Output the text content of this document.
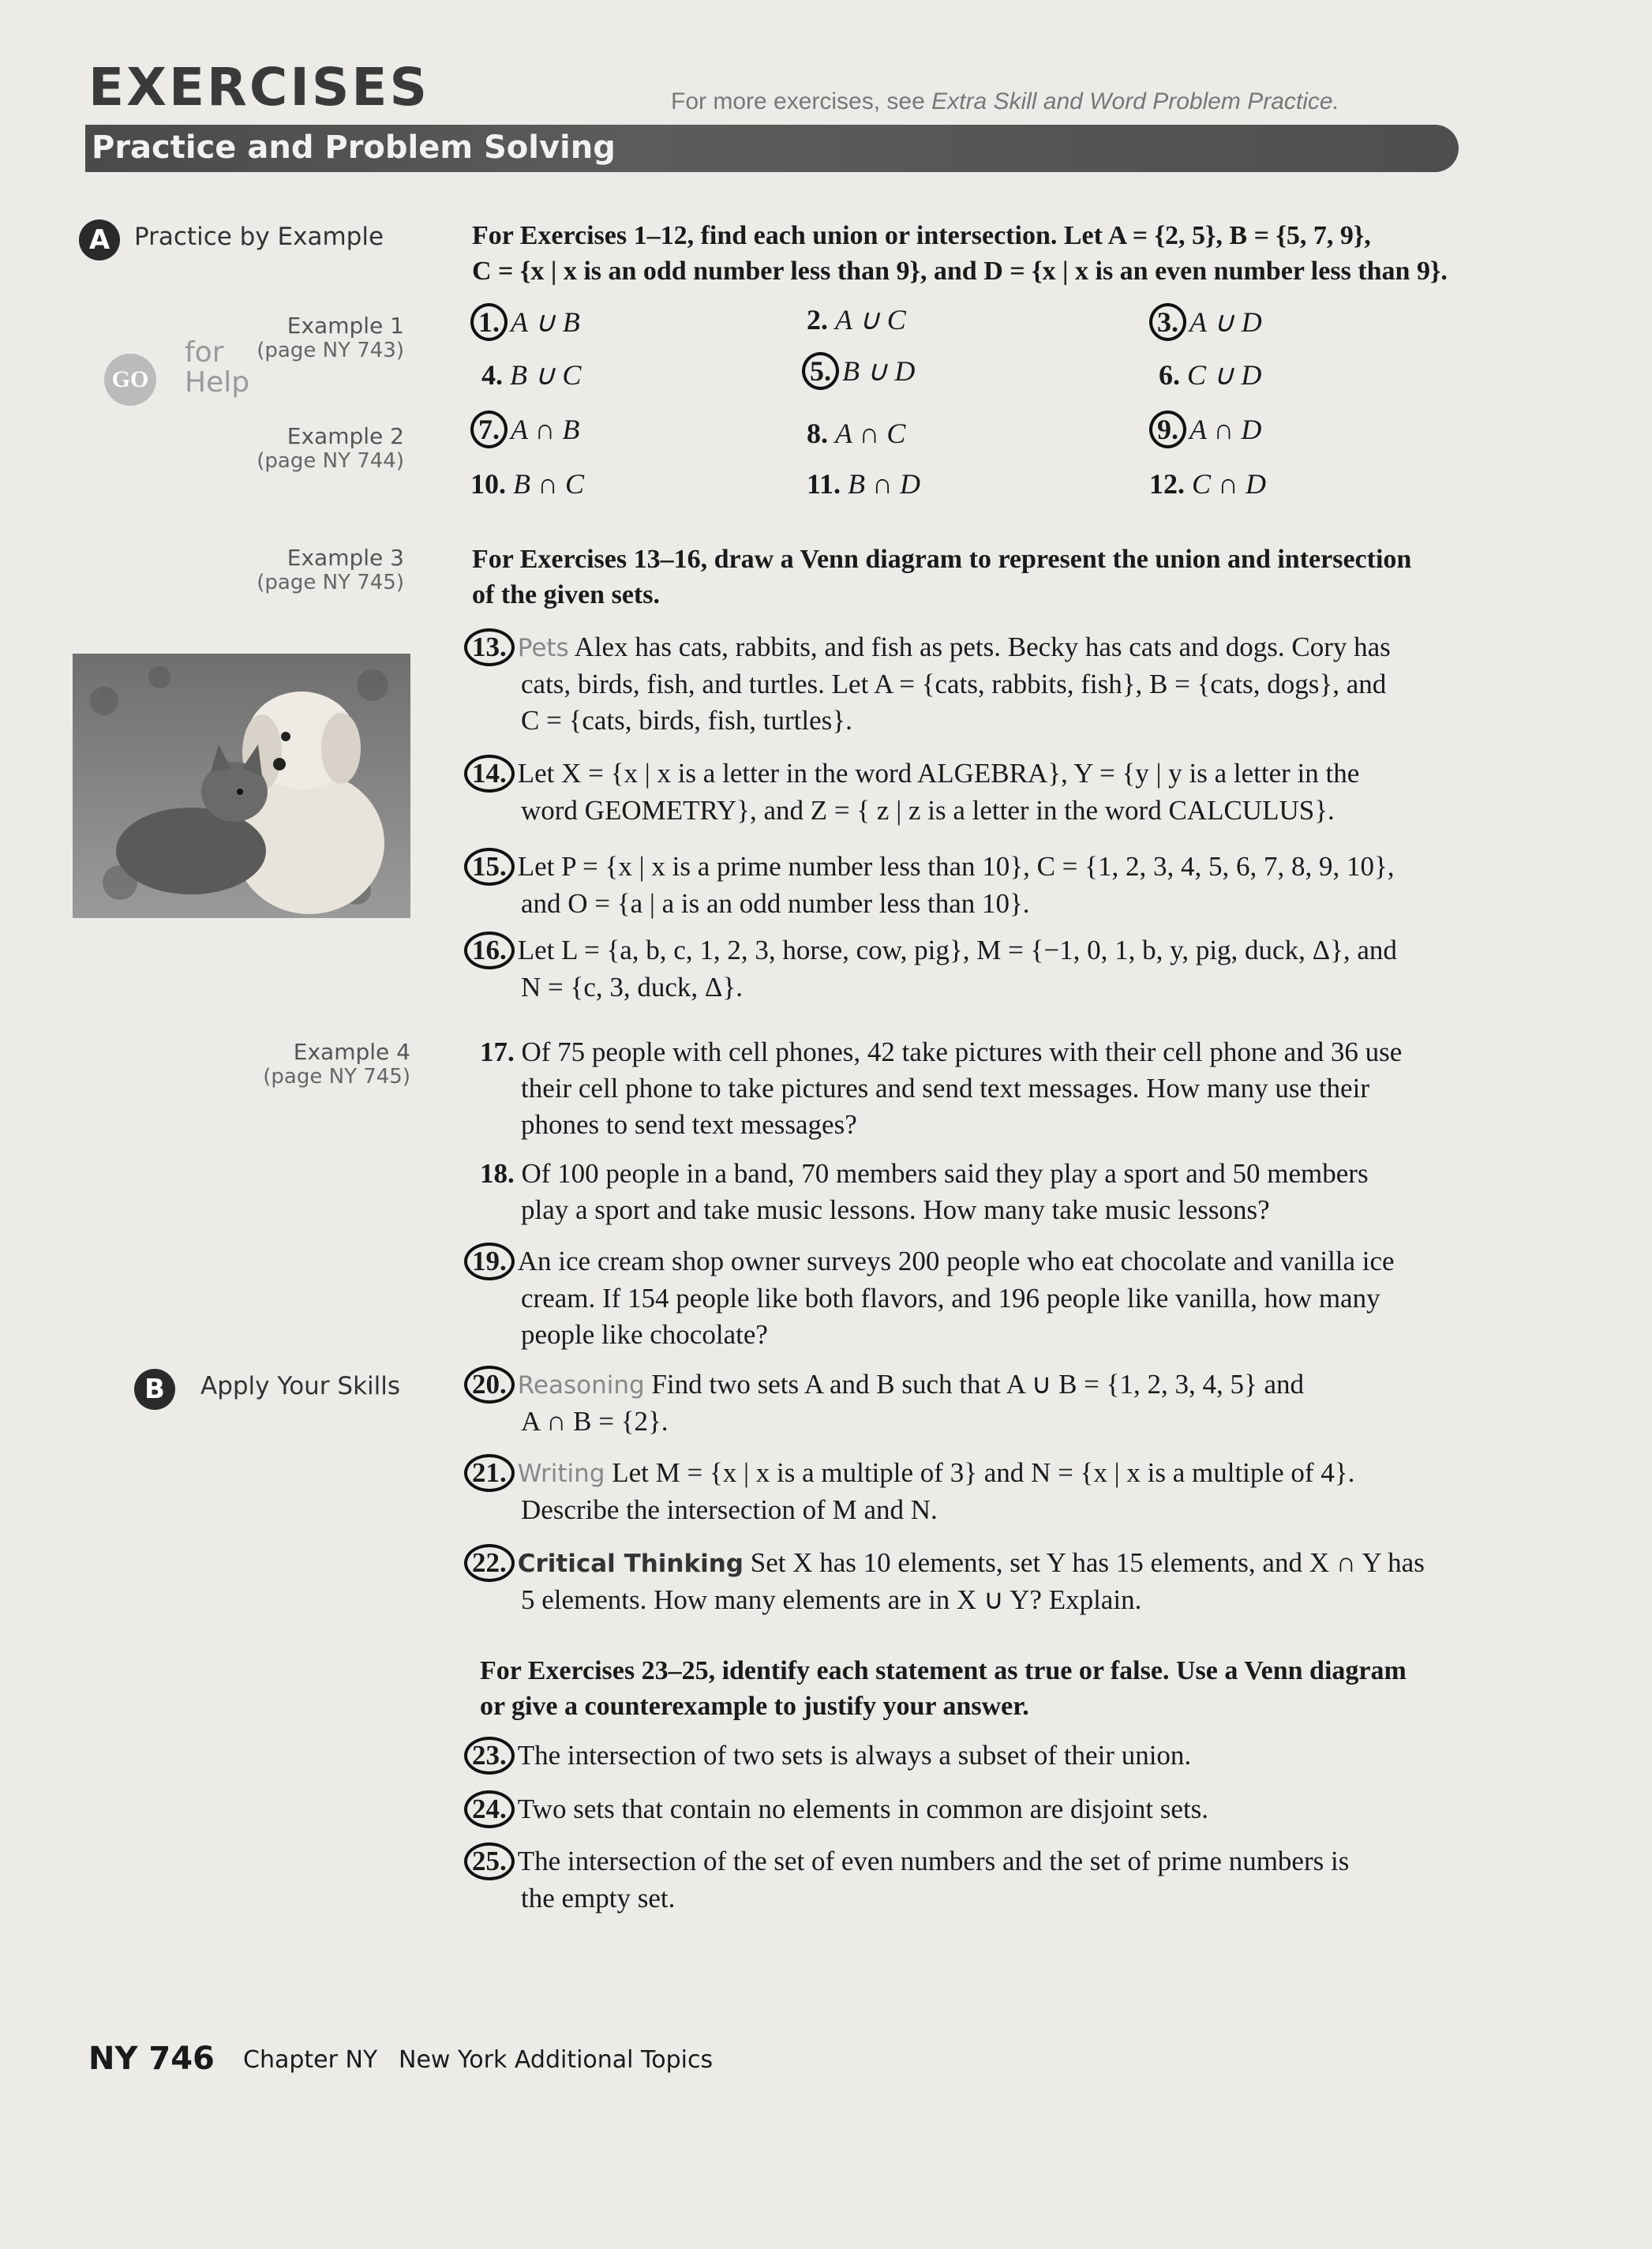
EXERCISES	For more exercises, see Extra Skill and Word Problem Practice.
Practice and Problem Solving
A Practice by Example
Example 1
(page NY 743)
GO
for
Help
Example 2
(page NY 744)
Example 3
(page NY 745)
Example 4
(page NY 745)
B	Apply Your Skills
For Exercises 1–12, find each union or intersection. Let A = {2, 5}, B = {5, 7, 9},
C = {x | x is an odd number less than 9}, and D = {x | x is an even number less than 9}.
1. A ∪ B	2. A ∪ C	3. A ∪ D
4. B ∪ C	5. B ∪ D	6. C ∪ D
7. A ∩ B	8. A ∩ C	9. A ∩ D
10. B ∩ C	11. B ∩ D	12. C ∩ D
For Exercises 13–16, draw a Venn diagram to represent the union and intersection
of the given sets.
13. Pets Alex has cats, rabbits, and fish as pets. Becky has cats and dogs. Cory has
cats, birds, fish, and turtles. Let A = {cats, rabbits, fish}, B = {cats, dogs}, and
C = {cats, birds, fish, turtles}.
14. Let X = {x | x is a letter in the word ALGEBRA}, Y = {y | y is a letter in the
word GEOMETRY}, and Z = { z | z is a letter in the word CALCULUS}.
15. Let P = {x | x is a prime number less than 10}, C = {1, 2, 3, 4, 5, 6, 7, 8, 9, 10},
and O = {a | a is an odd number less than 10}.
16. Let L = {a, b, c, 1, 2, 3, horse, cow, pig}, M = {−1, 0, 1, b, y, pig, duck, Δ}, and
N = {c, 3, duck, Δ}.
17. Of 75 people with cell phones, 42 take pictures with their cell phone and 36 use
their cell phone to take pictures and send text messages. How many use their
phones to send text messages?
18. Of 100 people in a band, 70 members said they play a sport and 50 members
play a sport and take music lessons. How many take music lessons?
19. An ice cream shop owner surveys 200 people who eat chocolate and vanilla ice
cream. If 154 people like both flavors, and 196 people like vanilla, how many
people like chocolate?
20. Reasoning Find two sets A and B such that A ∪ B = {1, 2, 3, 4, 5} and
A ∩ B = {2}.
21. Writing Let M = {x | x is a multiple of 3} and N = {x | x is a multiple of 4}.
Describe the intersection of M and N.
22. Critical Thinking Set X has 10 elements, set Y has 15 elements, and X ∩ Y has
5 elements. How many elements are in X ∪ Y? Explain.
For Exercises 23–25, identify each statement as true or false. Use a Venn diagram
or give a counterexample to justify your answer.
23. The intersection of two sets is always a subset of their union.
24. Two sets that contain no elements in common are disjoint sets.
25. The intersection of the set of even numbers and the set of prime numbers is
the empty set.
NY 746 Chapter NY New York Additional Topics
